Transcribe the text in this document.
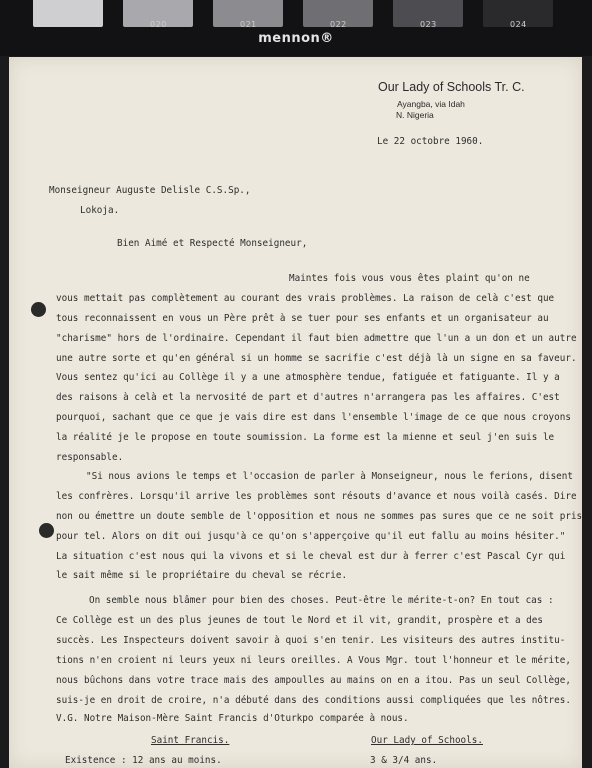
019	020	021	022	023	024
mennon®
Our Lady of Schools Tr. C.
Ayangba, via Idah
N. Nigeria
Le 22 octobre 1960.
Monseigneur Auguste Delisle C.S.Sp.,
Lokoja.
Bien Aimé et Respecté Monseigneur,
Maintes fois vous vous êtes plaint qu'on ne
vous mettait pas complètement au courant des vrais problèmes. La raison de celà c'est que
tous reconnaissent en vous un Père prêt à se tuer pour ses enfants et un organisateur au
"charisme" hors de l'ordinaire. Cependant il faut bien admettre que l'un a un don et un autre
une autre sorte et qu'en général si un homme se sacrifie c'est déjà là un signe en sa faveur.
Vous sentez qu'ici au Collège il y a une atmosphère tendue, fatiguée et fatiguante. Il y a
des raisons à celà et la nervosité de part et d'autres n'arrangera pas les affaires. C'est
pourquoi, sachant que ce que je vais dire est dans l'ensemble l'image de ce que nous croyons
la réalité je le propose en toute soumission. La forme est la mienne et seul j'en suis le
responsable.
"Si nous avions le temps et l'occasion de parler à Monseigneur, nous le ferions, disent
les confrères. Lorsqu'il arrive les problèmes sont résouts d'avance et nous voilà casés. Dire
non ou émettre un doute semble de l'opposition et nous ne sommes pas sures que ce ne soit pris
pour tel. Alors on dit oui jusqu'à ce qu'on s'apperçoive qu'il eut fallu au moins hésiter."
La situation c'est nous qui la vivons et si le cheval est dur à ferrer c'est Pascal Cyr qui
le sait même si le propriétaire du cheval se récrie.
On semble nous blâmer pour bien des choses. Peut-être le mérite-t-on? En tout cas :
Ce Collège est un des plus jeunes de tout le Nord et il vit, grandit, prospère et a des
succès. Les Inspecteurs doivent savoir à quoi s'en tenir. Les visiteurs des autres institu-
tions n'en croient ni leurs yeux ni leurs oreilles. A Vous Mgr. tout l'honneur et le mérite,
nous bûchons dans votre trace mais des ampoulles au mains on en a itou. Pas un seul Collège,
suis-je en droit de croire, n'a débuté dans des conditions aussi compliquées que les nôtres.
V.G. Notre Maison-Mère Saint Francis d'Oturkpo comparée à nous.
Saint Francis.	Our Lady of Schools.
Existence : 12 ans au moins.	3 & 3/4 ans.
